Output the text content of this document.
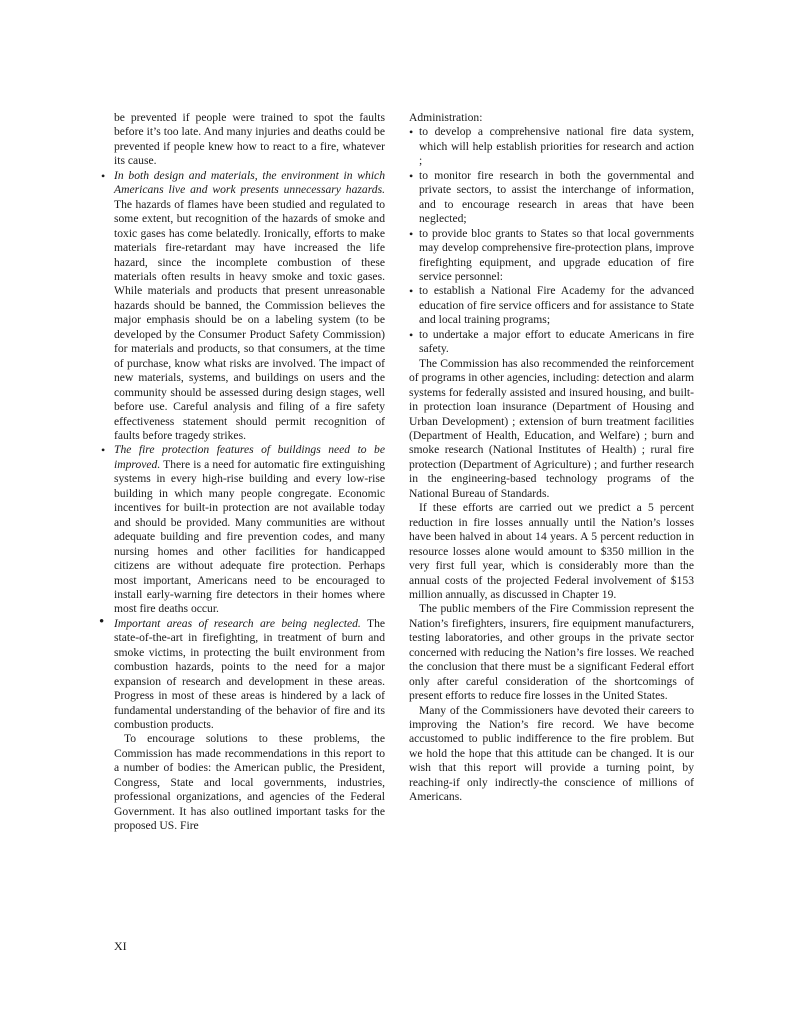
be prevented if people were trained to spot the faults before it’s too late. And many injuries and deaths could be prevented if people knew how to react to a fire, whatever its cause.

• In both design and materials, the environment in which Americans live and work presents unnecessary hazards. The hazards of flames have been studied and regulated to some extent, but recognition of the hazards of smoke and toxic gases has come belatedly. Ironically, efforts to make materials fire-retardant may have increased the life hazard, since the incomplete combustion of these materials often results in heavy smoke and toxic gases. While materials and products that present unreasonable hazards should be banned, the Commission believes the major emphasis should be on a labeling system (to be developed by the Consumer Product Safety Commission) for materials and products, so that consumers, at the time of purchase, know what risks are involved. The impact of new materials, systems, and buildings on users and the community should be assessed during design stages, well before use. Careful analysis and filing of a fire safety effectiveness statement should permit recognition of faults before tragedy strikes.

• The fire protection features of buildings need to be improved. There is a need for automatic fire extinguishing systems in every high-rise building and every low-rise building in which many people congregate. Economic incentives for built-in protection are not available today and should be provided. Many communities are without adequate building and fire prevention codes, and many nursing homes and other facilities for handicapped citizens are without adequate fire protection. Perhaps most important, Americans need to be encouraged to install early-warning fire detectors in their homes where most fire deaths occur.

• Important areas of research are being neglected. The state-of-the-art in firefighting, in treatment of burn and smoke victims, in protecting the built environment from combustion hazards, points to the need for a major expansion of research and development in these areas. Progress in most of these areas is hindered by a lack of fundamental understanding of the behavior of fire and its combustion products.

To encourage solutions to these problems, the Commission has made recommendations in this report to a number of bodies: the American public, the President, Congress, State and local governments, industries, professional organizations, and agencies of the Federal Government. It has also outlined important tasks for the proposed US. Fire

Administration:

• to develop a comprehensive national fire data system, which will help establish priorities for research and action ;

• to monitor fire research in both the governmental and private sectors, to assist the interchange of information, and to encourage research in areas that have been neglected;

• to provide bloc grants to States so that local governments may develop comprehensive fire-protection plans, improve firefighting equipment, and upgrade education of fire service personnel:

• to establish a National Fire Academy for the advanced education of fire service officers and for assistance to State and local training programs;

• to undertake a major effort to educate Americans in fire safety.

The Commission has also recommended the reinforcement of programs in other agencies, including: detection and alarm systems for federally assisted and insured housing, and built-in protection loan insurance (Department of Housing and Urban Development) ; extension of burn treatment facilities (Department of Health, Education, and Welfare) ; burn and smoke research (National Institutes of Health) ; rural fire protection (Department of Agriculture) ; and further research in the engineering-based technology programs of the National Bureau of Standards.

If these efforts are carried out we predict a 5 percent reduction in fire losses annually until the Nation’s losses have been halved in about 14 years. A 5 percent reduction in resource losses alone would amount to $350 million in the very first full year, which is considerably more than the annual costs of the projected Federal involvement of $153 million annually, as discussed in Chapter 19.

The public members of the Fire Commission represent the Nation’s firefighters, insurers, fire equipment manufacturers, testing laboratories, and other groups in the private sector concerned with reducing the Nation’s fire losses. We reached the conclusion that there must be a significant Federal effort only after careful consideration of the shortcomings of present efforts to reduce fire losses in the United States.

Many of the Commissioners have devoted their careers to improving the Nation’s fire record. We have become accustomed to public indifference to the fire problem. But we hold the hope that this attitude can be changed. It is our wish that this report will provide a turning point, by reaching-if only indirectly-the conscience of millions of Americans.

XI
